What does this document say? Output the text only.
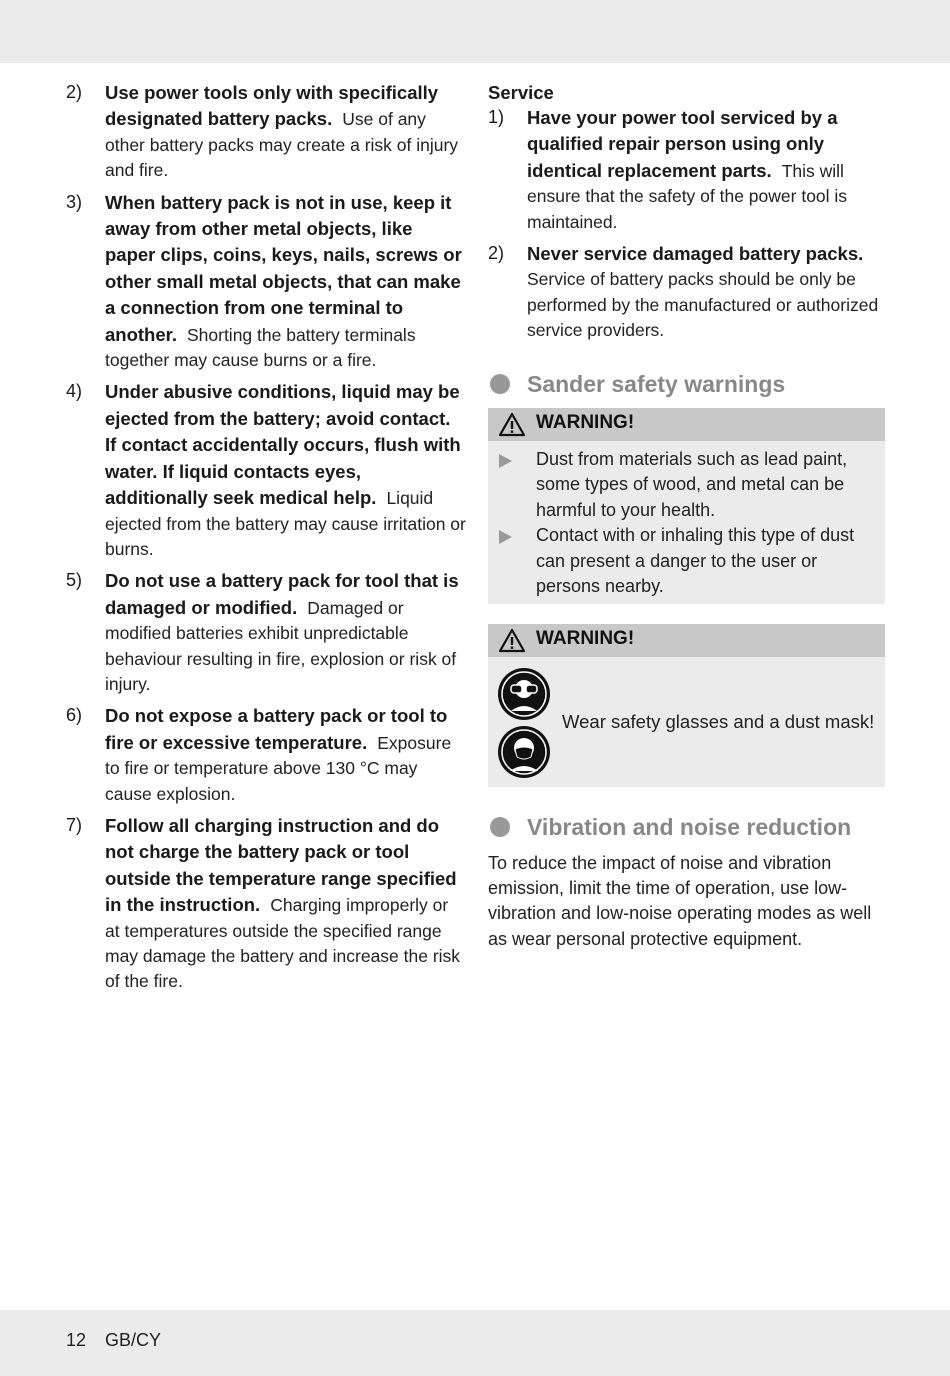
2) Use power tools only with specifically designated battery packs. Use of any other battery packs may create a risk of injury and fire.
3) When battery pack is not in use, keep it away from other metal objects, like paper clips, coins, keys, nails, screws or other small metal objects, that can make a connection from one terminal to another. Shorting the battery terminals together may cause burns or a fire.
4) Under abusive conditions, liquid may be ejected from the battery; avoid contact. If contact accidentally occurs, flush with water. If liquid contacts eyes, additionally seek medical help. Liquid ejected from the battery may cause irritation or burns.
5) Do not use a battery pack for tool that is damaged or modified. Damaged or modified batteries exhibit unpredictable behaviour resulting in fire, explosion or risk of injury.
6) Do not expose a battery pack or tool to fire or excessive temperature. Exposure to fire or temperature above 130 °C may cause explosion.
7) Follow all charging instruction and do not charge the battery pack or tool outside the temperature range specified in the instruction. Charging improperly or at temperatures outside the specified range may damage the battery and increase the risk of the fire.
Service
1) Have your power tool serviced by a qualified repair person using only identical replacement parts. This will ensure that the safety of the power tool is maintained.
2) Never service damaged battery packs.  Service of battery packs should be only be performed by the manufactured or authorized service providers.
Sander safety warnings
WARNING!
Dust from materials such as lead paint, some types of wood, and metal can be harmful to your health.
Contact with or inhaling this type of dust can present a danger to the user or persons nearby.
WARNING!
Wear safety glasses and a dust mask!
Vibration and noise reduction
To reduce the impact of noise and vibration emission, limit the time of operation, use low-vibration and low-noise operating modes as well as wear personal protective equipment.
12 GB/CY
